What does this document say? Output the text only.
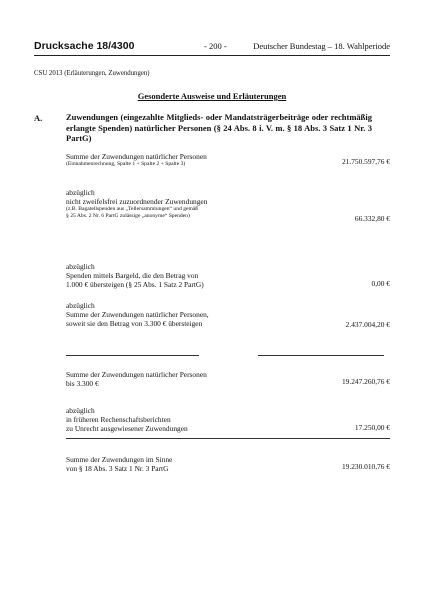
Drucksache 18/4300	- 200 -	Deutscher Bundestag – 18. Wahlperiode
CSU 2013 (Erläuterungen, Zuwendungen)
Gesonderte Ausweise und Erläuterungen
A.	Zuwendungen (eingezahlte Mitglieds- oder Mandatsträgerbeiträge oder rechtmäßig erlangte Spenden) natürlicher Personen (§ 24 Abs. 8 i. V. m. § 18 Abs. 3 Satz 1 Nr. 3 PartG)
Summe der Zuwendungen natürlicher Personen
(Einnahmenrechnung, Spalte 1 + Spalte 2 + Spalte 3)	21.750.597,76 €
abzüglich
nicht zweifelsfrei zuzuordnender Zuwendungen
(z.B. Bagatellspenden aus „Tellersammlungen“ und gemäß
§ 25 Abs. 2 Nr. 6 PartG zulässige „anonyme“ Spenden)	66.332,80 €
abzüglich
Spenden mittels Bargeld, die den Betrag von
1.000 € übersteigen (§ 25 Abs. 1 Satz 2 PartG)	0,00 €
abzüglich
Summe der Zuwendungen natürlicher Personen,
soweit sie den Betrag von 3.300 € übersteigen	2.437.004,20 €
Summe der Zuwendungen natürlicher Personen
bis 3.300 €	19.247.260,76 €
abzüglich
in früheren Rechenschaftsberichten
zu Unrecht ausgewiesener Zuwendungen	17.250,00 €
Summe der Zuwendungen im Sinne
von § 18 Abs. 3 Satz 1 Nr. 3 PartG	19.230.010,76 €
